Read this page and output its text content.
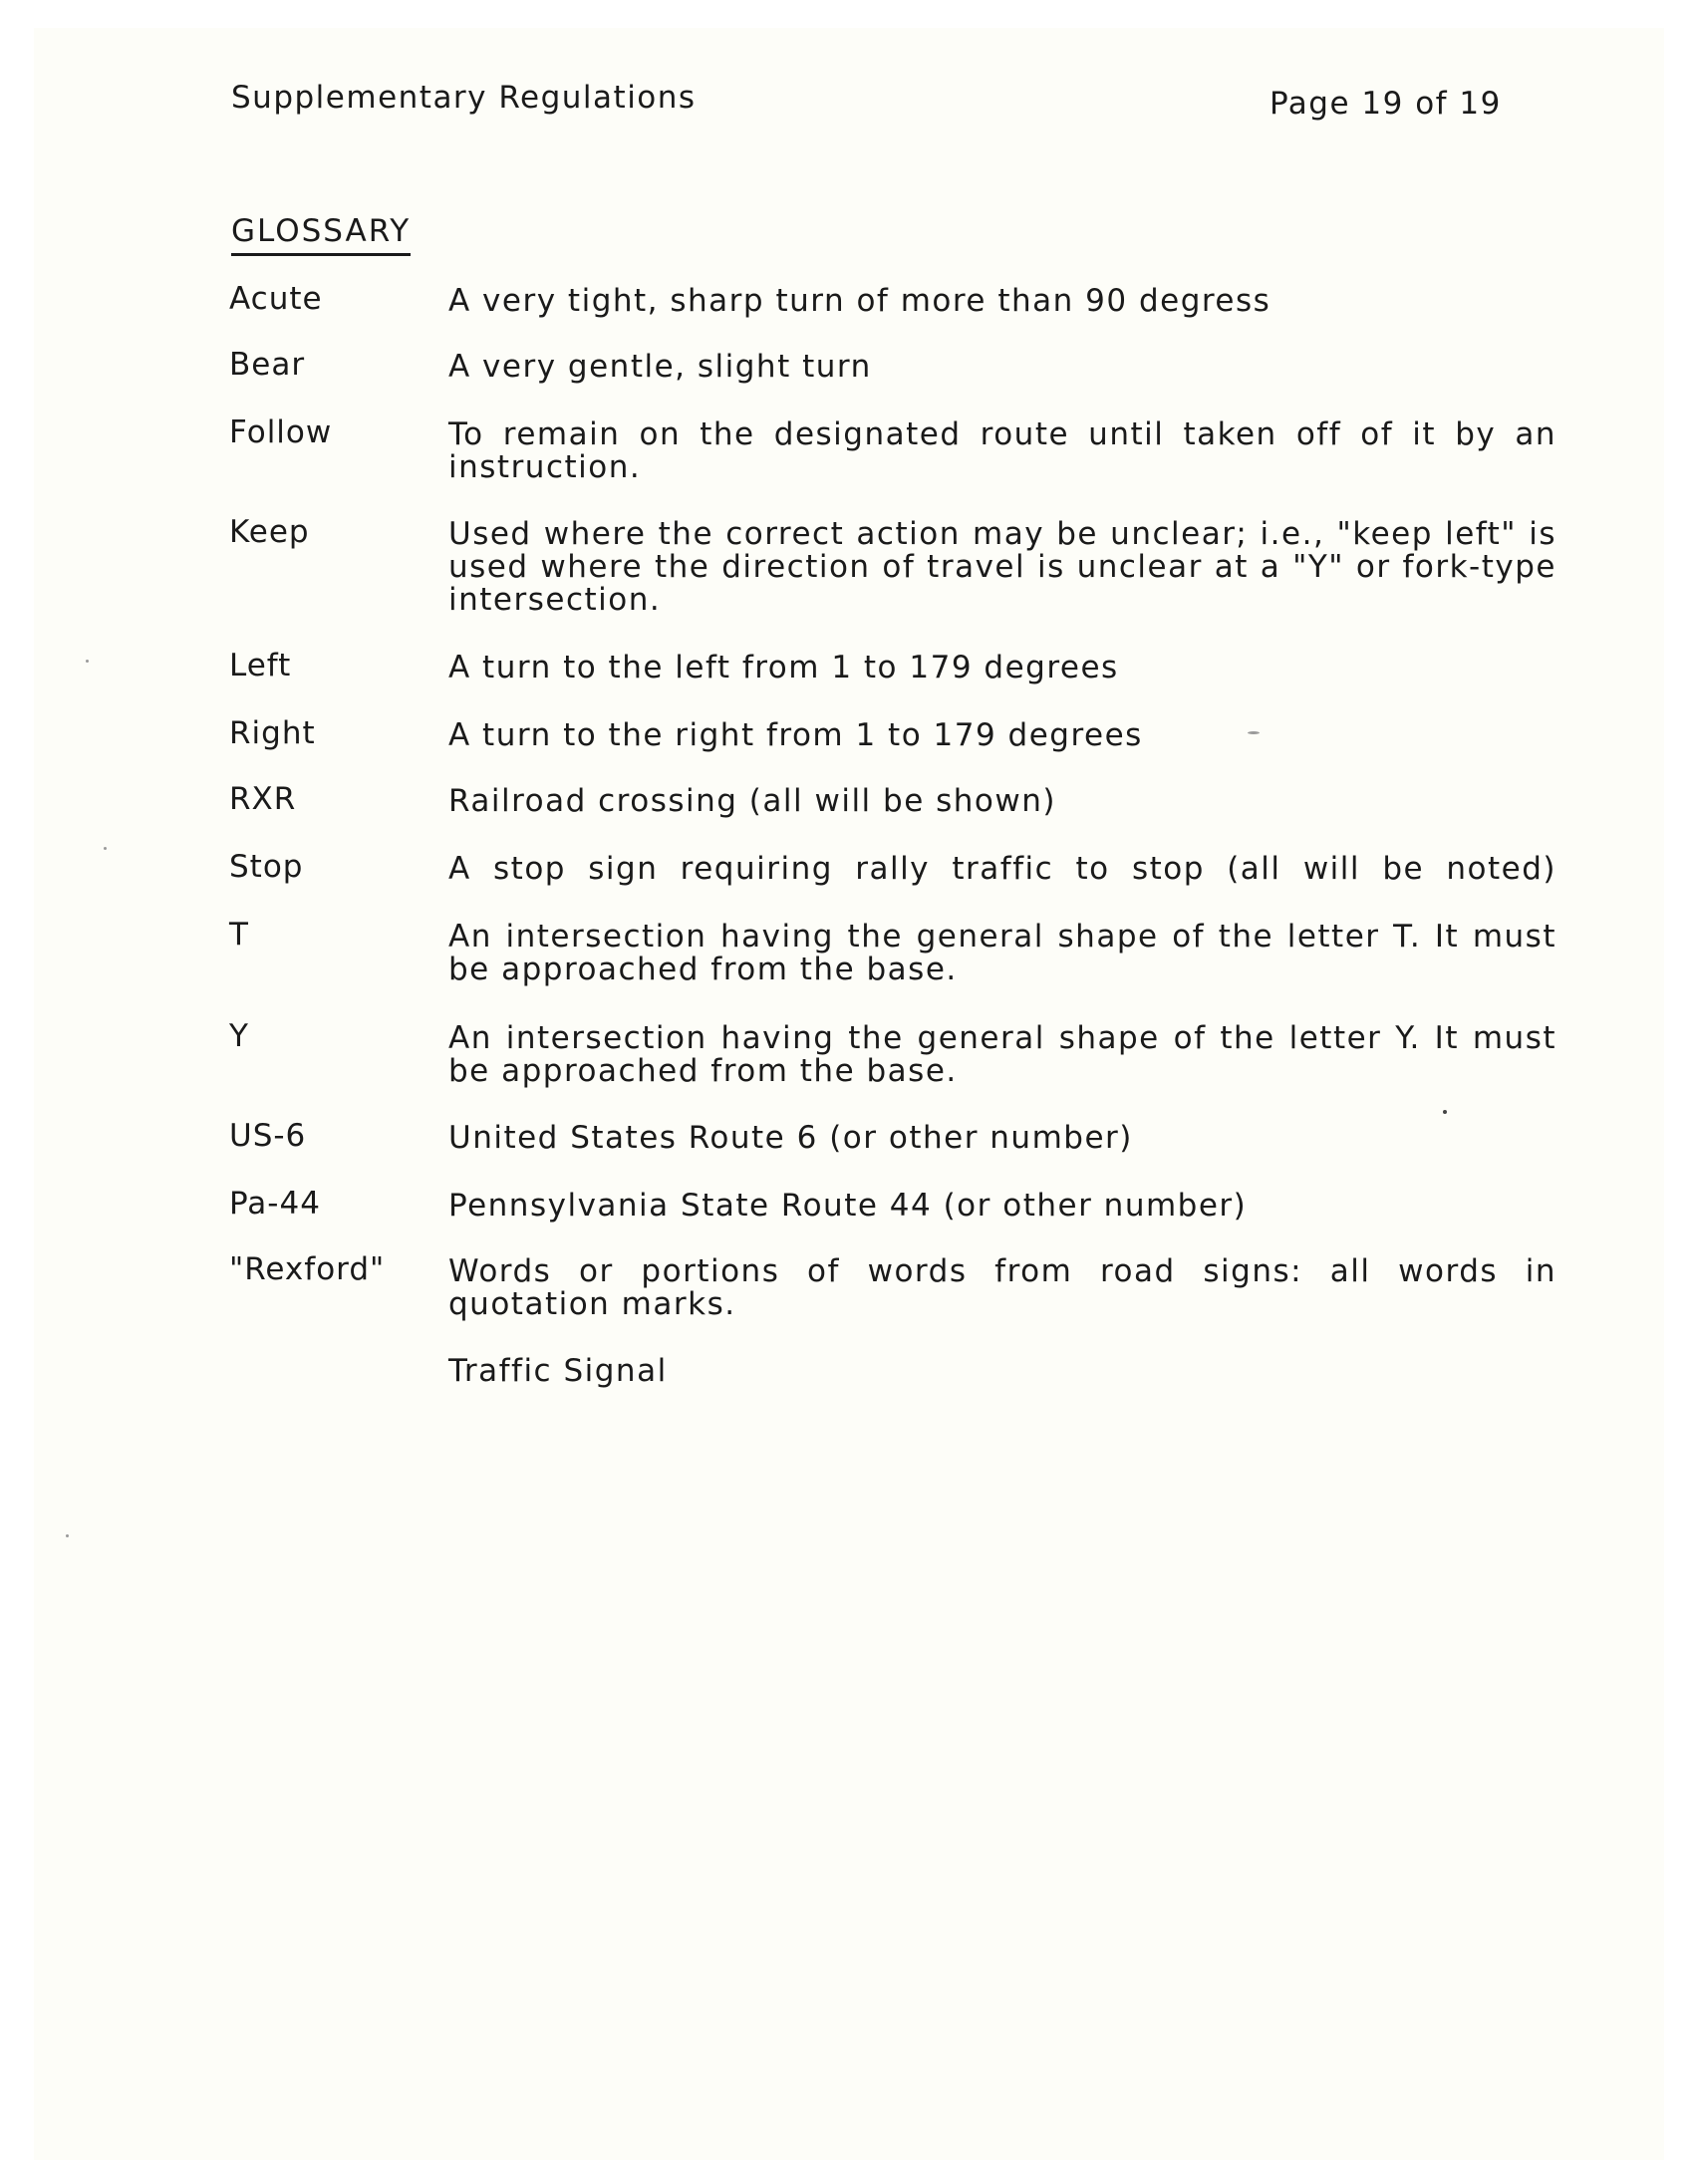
Supplementary Regulations	Page 19 of 19
GLOSSARY
Acute	A very tight, sharp turn of more than 90 degress
Bear	A very gentle, slight turn
Follow	To remain on the designated route until taken off of it by an instruction.
Keep	Used where the correct action may be unclear; i.e., "keep left" is used where the direction of travel is unclear at a "Y" or fork-type intersection.
Left	A turn to the left from 1 to 179 degrees
Right	A turn to the right from 1 to 179 degrees
RXR	Railroad crossing (all will be shown)
Stop	A stop sign requiring rally traffic to stop (all will be noted)
T	An intersection having the general shape of the letter T. It must be approached from the base.
Y	An intersection having the general shape of the letter Y. It must be approached from the base.
US-6	United States Route 6 (or other number)
Pa-44	Pennsylvania State Route 44 (or other number)
"Rexford" Words or portions of words from road signs: all words in quotation marks.
Traffic Signal
